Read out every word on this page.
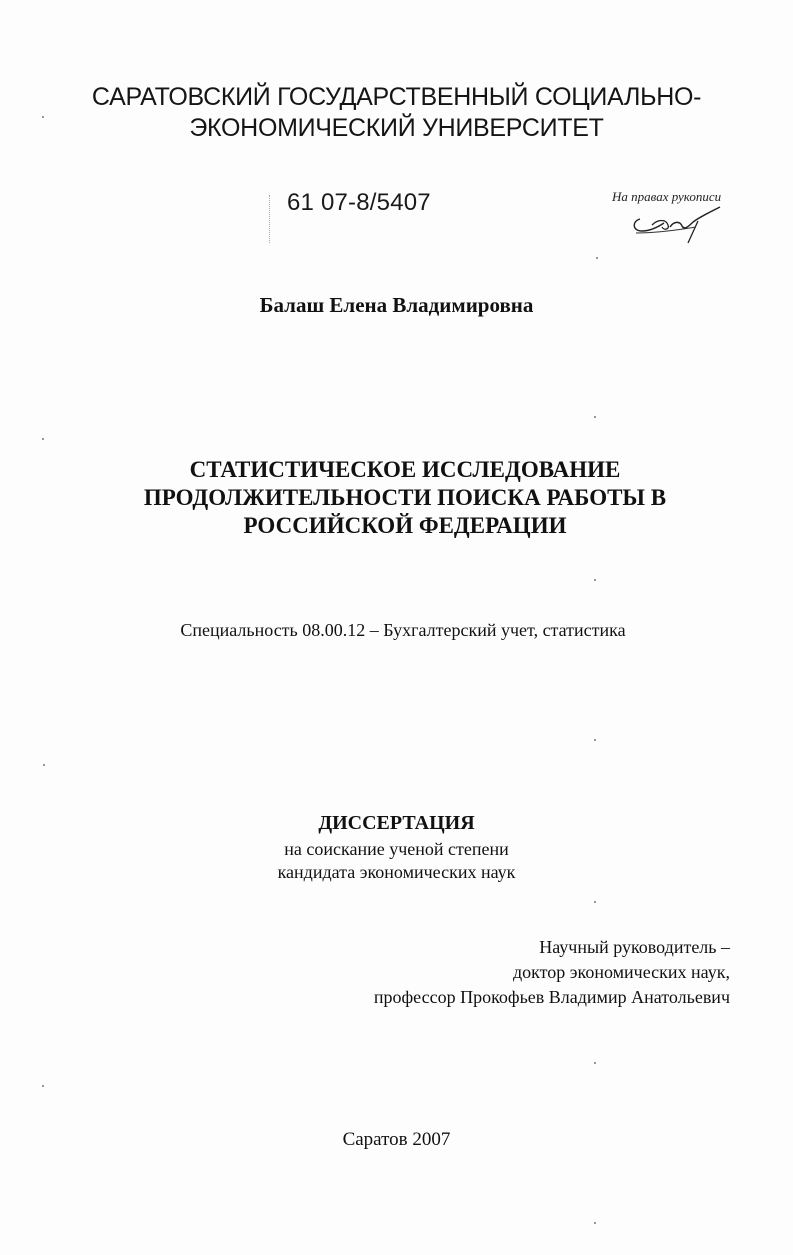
САРАТОВСКИЙ ГОСУДАРСТВЕННЫЙ СОЦИАЛЬНО-
ЭКОНОМИЧЕСКИЙ УНИВЕРСИТЕТ
61 07-8/5407	На правах рукописи
Балаш Елена Владимировна
СТАТИСТИЧЕСКОЕ ИССЛЕДОВАНИЕ
ПРОДОЛЖИТЕЛЬНОСТИ ПОИСКА РАБОТЫ В
РОССИЙСКОЙ ФЕДЕРАЦИИ
Специальность 08.00.12 – Бухгалтерский учет, статистика
ДИССЕРТАЦИЯ
на соискание ученой степени
кандидата экономических наук
Научный руководитель –
доктор экономических наук,
профессор Прокофьев Владимир Анатольевич
Саратов 2007
